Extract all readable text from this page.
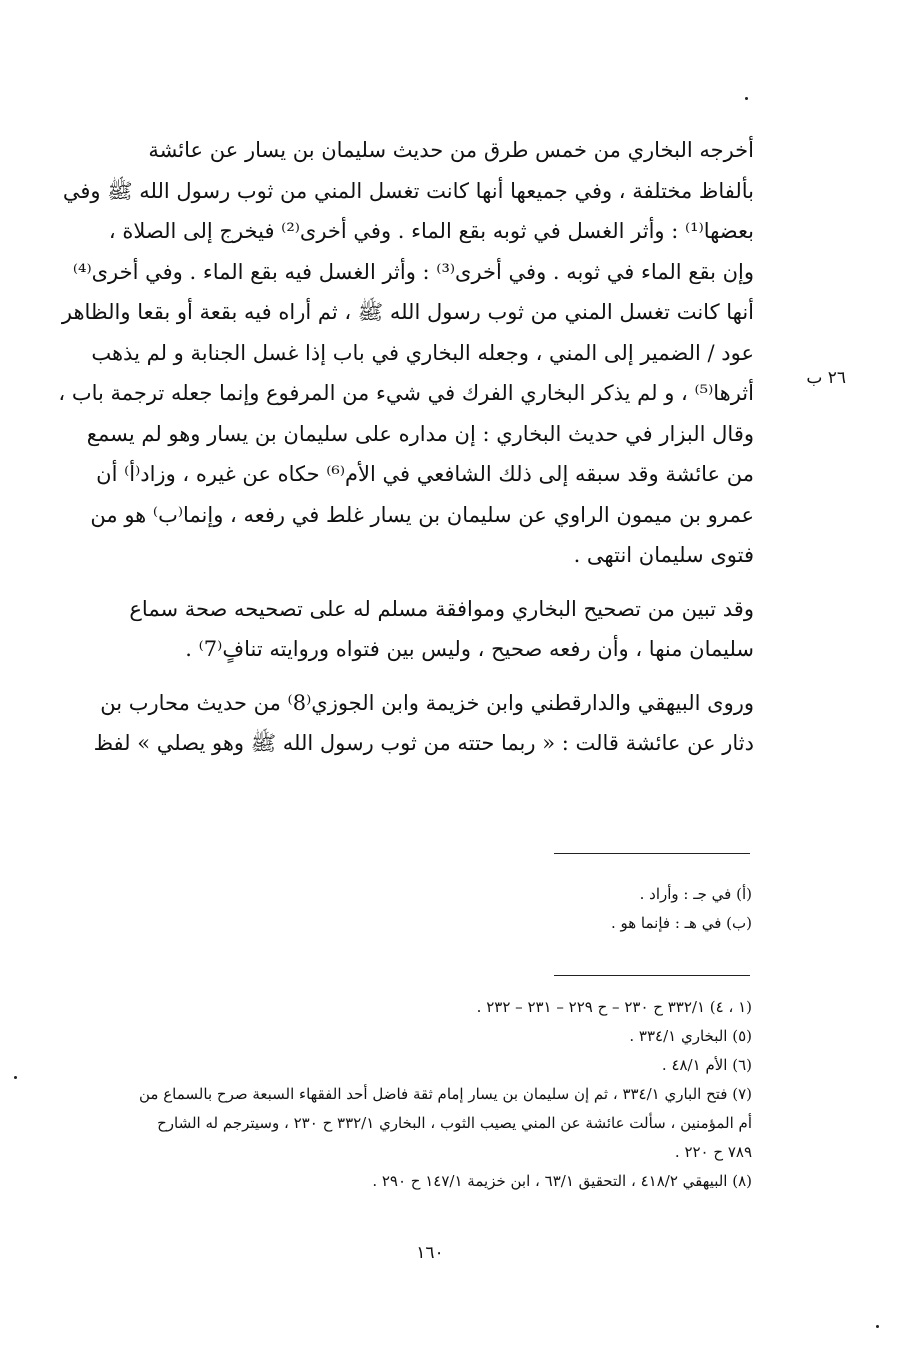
٢٦ ب

أخرجه البخاري من خمس طرق من حديث سليمان بن يسار عن عائشة
بألفاظ مختلفة ، وفي جميعها أنها كانت تغسل المني من ثوب رسول الله ﷺ وفي
بعضها⁽¹⁾ : وأثر الغسل في ثوبه بقع الماء . وفي أخرى⁽²⁾ فيخرج إلى الصلاة ،
وإن بقع الماء في ثوبه . وفي أخرى⁽³⁾ : وأثر الغسل فيه بقع الماء . وفي أخرى⁽⁴⁾
أنها كانت تغسل المني من ثوب رسول الله ﷺ ، ثم أراه فيه بقعة أو بقعا والظاهر
عود / الضمير إلى المني ، وجعله البخاري في باب إذا غسل الجنابة و لم يذهب
أثرها⁽⁵⁾ ، و لم يذكر البخاري الفرك في شيء من المرفوع وإنما جعله ترجمة باب ،
وقال البزار في حديث البخاري : إن مداره على سليمان بن يسار وهو لم يسمع
من عائشة وقد سبقه إلى ذلك الشافعي في الأم⁽⁶⁾ حكاه عن غيره ، وزاد⁽أ⁾ أن
عمرو بن ميمون الراوي عن سليمان بن يسار غلط في رفعه ، وإنما⁽ب⁾ هو من
فتوى سليمان انتهى .

وقد تبين من تصحيح البخاري وموافقة مسلم له على تصحيحه صحة سماع
سليمان منها ، وأن رفعه صحيح ، وليس بين فتواه وروايته تنافٍ⁽7⁾ .

وروى البيهقي والدارقطني وابن خزيمة وابن الجوزي⁽8⁾ من حديث محارب بن
دثار عن عائشة قالت : « ربما حتته من ثوب رسول الله ﷺ وهو يصلي » لفظ

(أ) في جـ : وأراد .
(ب) في هـ : فإنما هو .
(١ ، ٤) ٣٣٢/١ ح ٢٣٠ – ح ٢٢٩ – ٢٣١ – ٢٣٢ .
(٥) البخاري ٣٣٤/١ .
(٦) الأم ٤٨/١ .
(٧) فتح الباري ٣٣٤/١ ، ثم إن سليمان بن يسار إمام ثقة فاضل أحد الفقهاء السبعة صرح بالسماع من
أم المؤمنين ، سألت عائشة عن المني يصيب الثوب ، البخاري ٣٣٢/١ ح ٢٣٠ ، وسيترجم له الشارح
٧٨٩ ح ٢٢٠ .
(٨) البيهقي ٤١٨/٢ ، التحقيق ٦٣/١ ، ابن خزيمة ١٤٧/١ ح ٢٩٠ .
١٦٠
